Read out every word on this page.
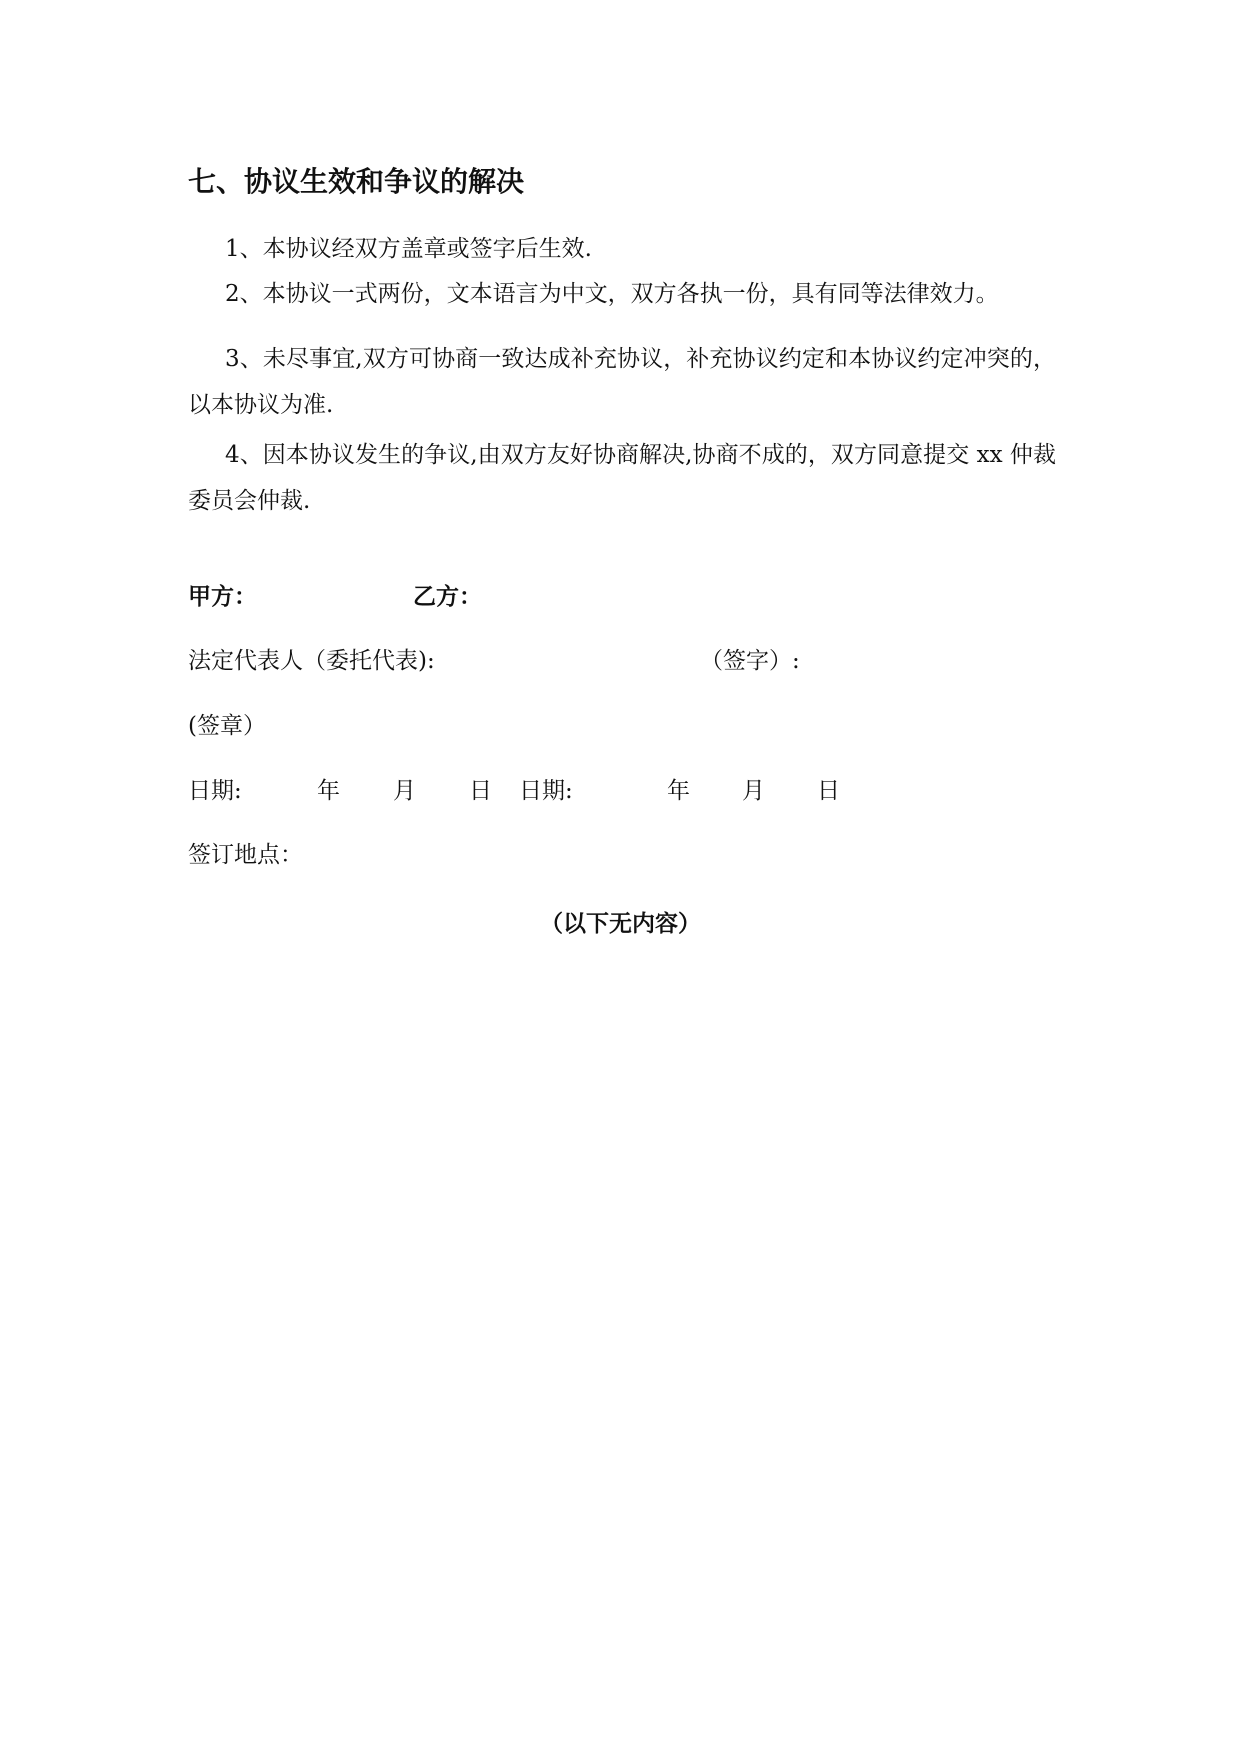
七、协议生效和争议的解决
1、本协议经双方盖章或签字后生效.
2、本协议一式两份，文本语言为中文，双方各执一份，具有同等法律效力。
3、未尽事宜,双方可协商一致达成补充协议，补充协议约定和本协议约定冲突的，以本协议为准.
4、因本协议发生的争议,由双方友好协商解决,协商不成的，双方同意提交 xx 仲裁委员会仲裁.
甲方：	乙方：
法定代表人（委托代表):	（签字）:
(签章）
日期:	年 月 日 日期:	年 月 日
签订地点：
（以下无内容）
